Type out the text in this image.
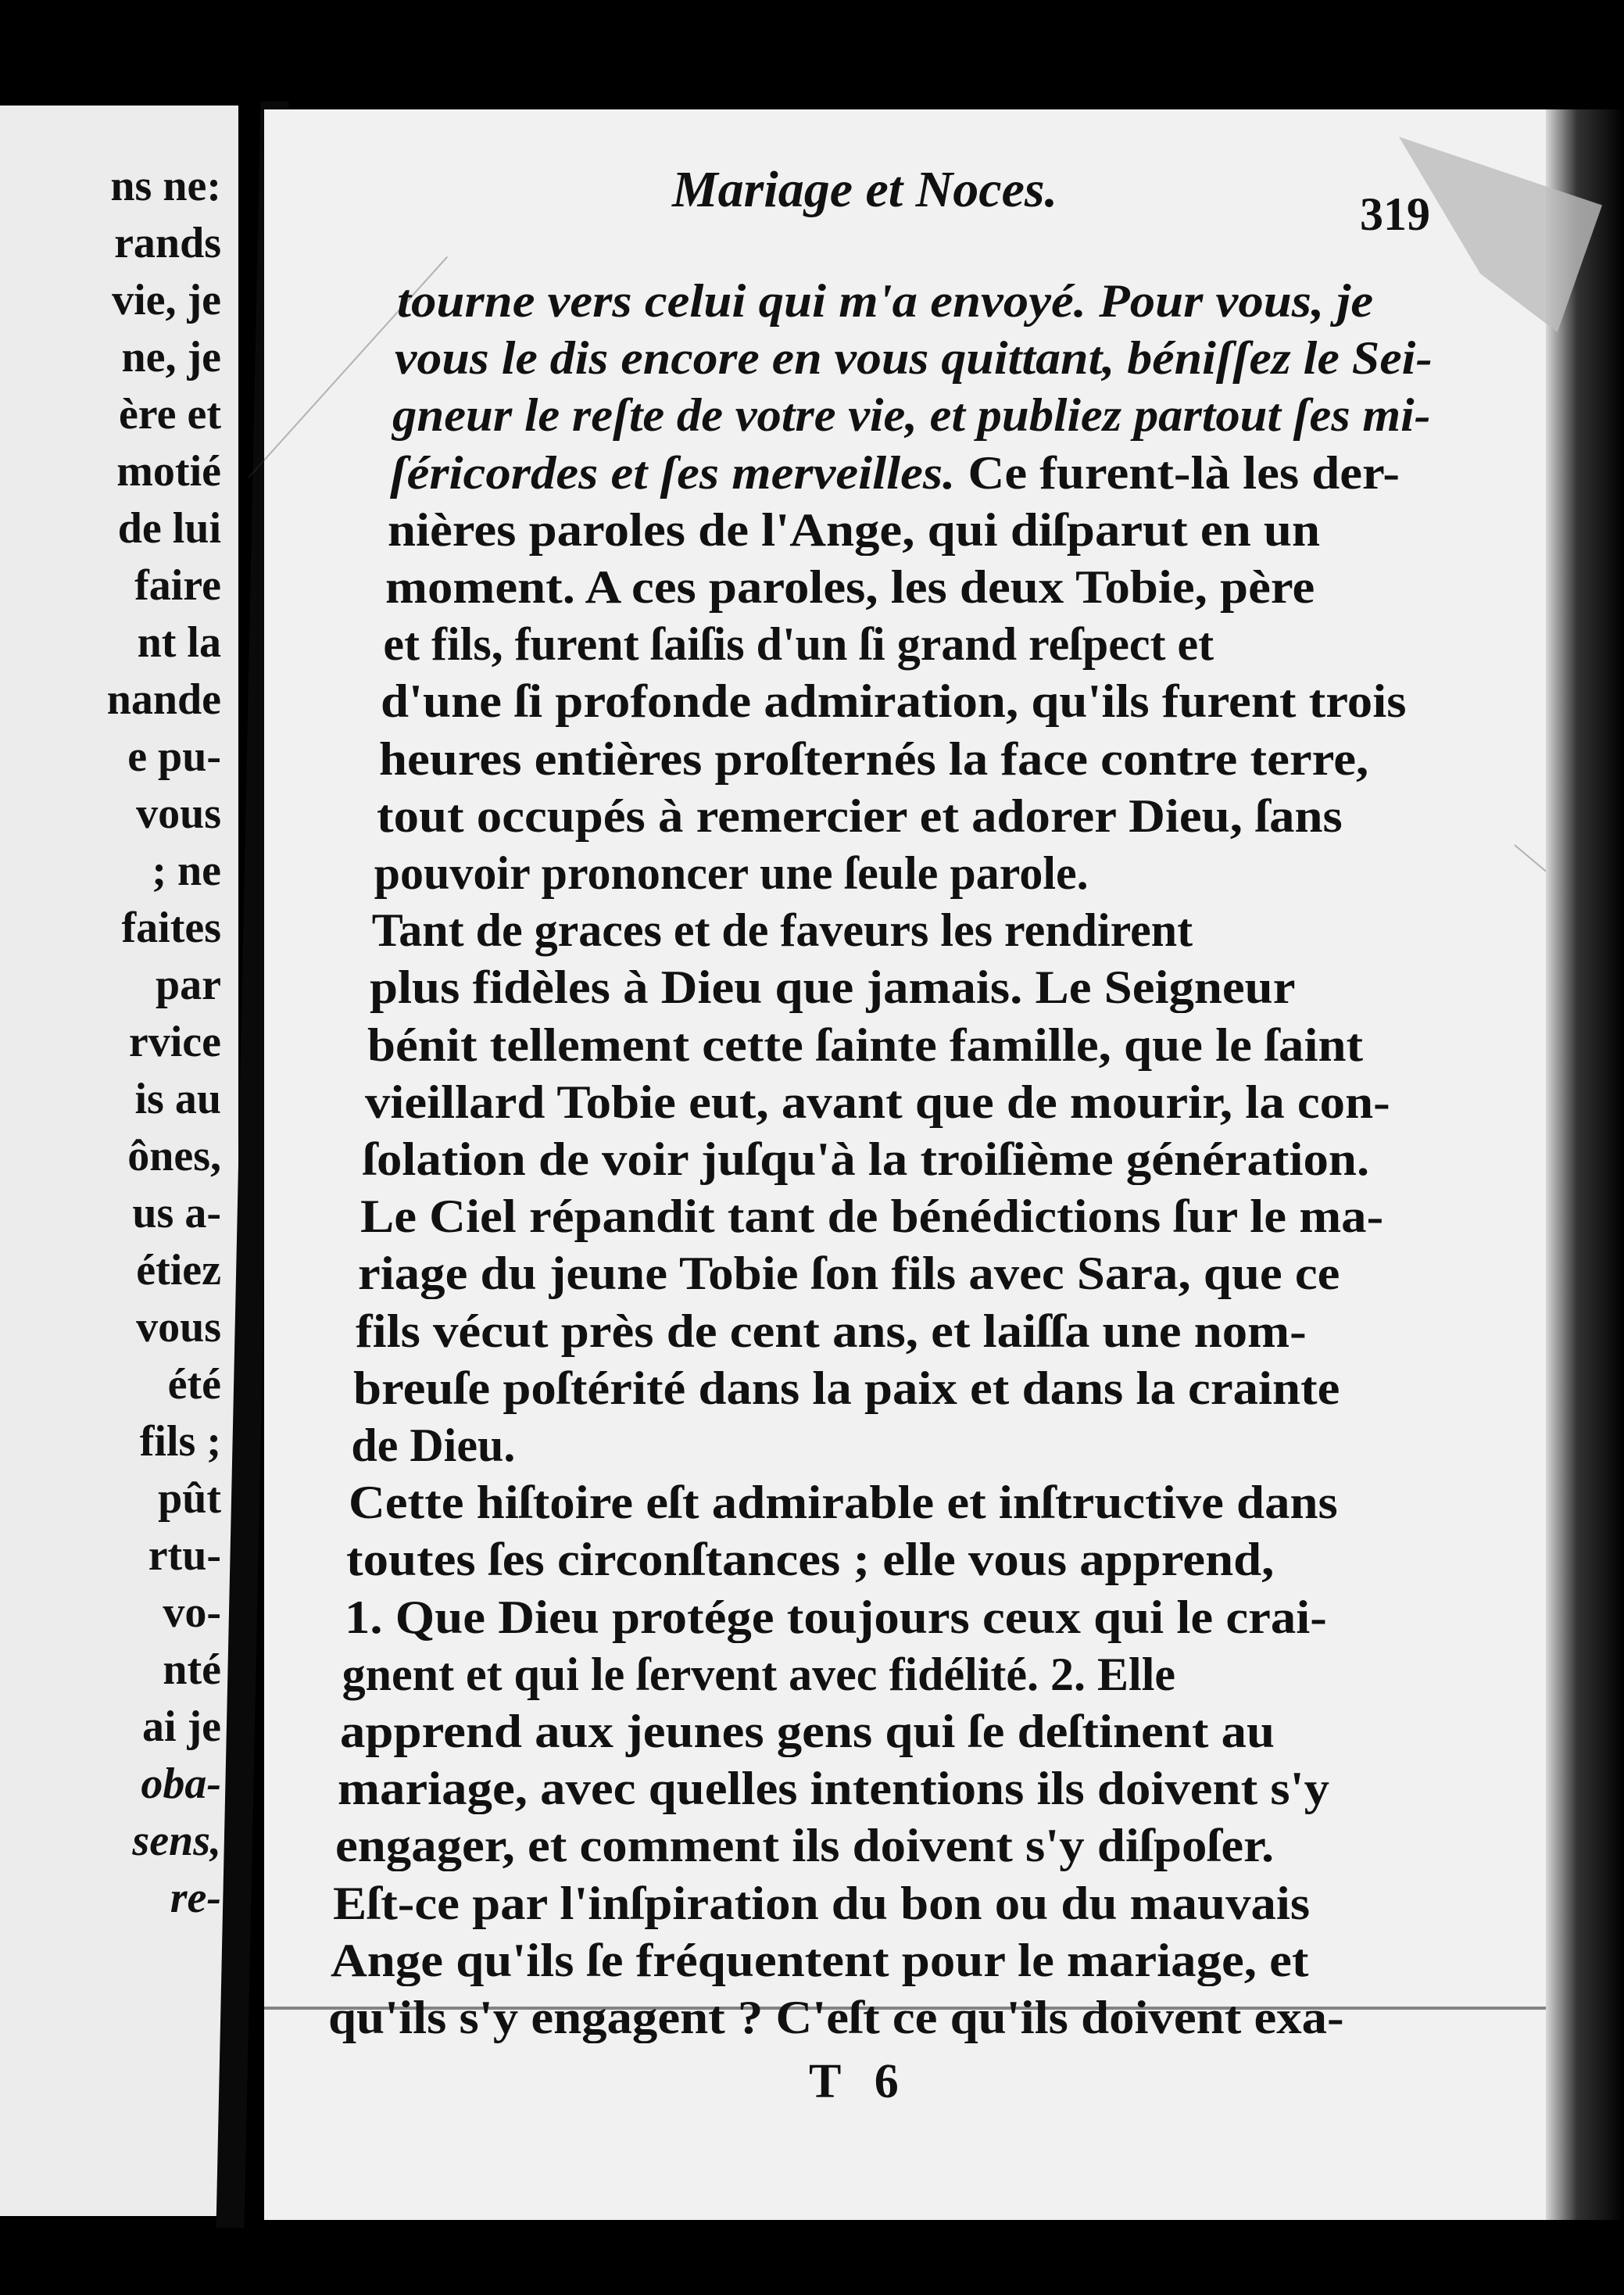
ns ne:
rands
vie, je
ne, je
ère et
motié
de lui
faire
nt la
nande
e pu-
vous
; ne
faites
par
rvice
is au
ônes,
us a-
étiez
vous
été
fils ;
pût
rtu-
vo-
nté
ai je
oba-
sens,
re-
Mariage et Noces.	319
tourne vers celui qui m'a envoyé. Pour vous, je
vous le dis encore en vous quittant, béniſſez le Sei-
gneur le reſte de votre vie, et publiez partout ſes mi-
ſéricordes et ſes merveilles. Ce furent-là les der-
nières paroles de l'Ange, qui diſparut en un
moment. A ces paroles, les deux Tobie, père
et fils, furent ſaiſis d'un ſi grand reſpect et
d'une ſi profonde admiration, qu'ils furent trois
heures entières proſternés la face contre terre,
tout occupés à remercier et adorer Dieu, ſans
pouvoir prononcer une ſeule parole.
Tant de graces et de faveurs les rendirent
plus fidèles à Dieu que jamais. Le Seigneur
bénit tellement cette ſainte famille, que le ſaint
vieillard Tobie eut, avant que de mourir, la con-
ſolation de voir juſqu'à la troiſième génération.
Le Ciel répandit tant de bénédictions ſur le ma-
riage du jeune Tobie ſon fils avec Sara, que ce
fils vécut près de cent ans, et laiſſa une nom-
breuſe poſtérité dans la paix et dans la crainte
de Dieu.
Cette hiſtoire eſt admirable et inſtructive dans
toutes ſes circonſtances ; elle vous apprend,
1. Que Dieu protége toujours ceux qui le crai-
gnent et qui le ſervent avec fidélité. 2. Elle
apprend aux jeunes gens qui ſe deſtinent au
mariage, avec quelles intentions ils doivent s'y
engager, et comment ils doivent s'y diſpoſer.
Eſt-ce par l'inſpiration du bon ou du mauvais
Ange qu'ils ſe fréquentent pour le mariage, et
qu'ils s'y engagent ? C'eſt ce qu'ils doivent exa-
T 6
